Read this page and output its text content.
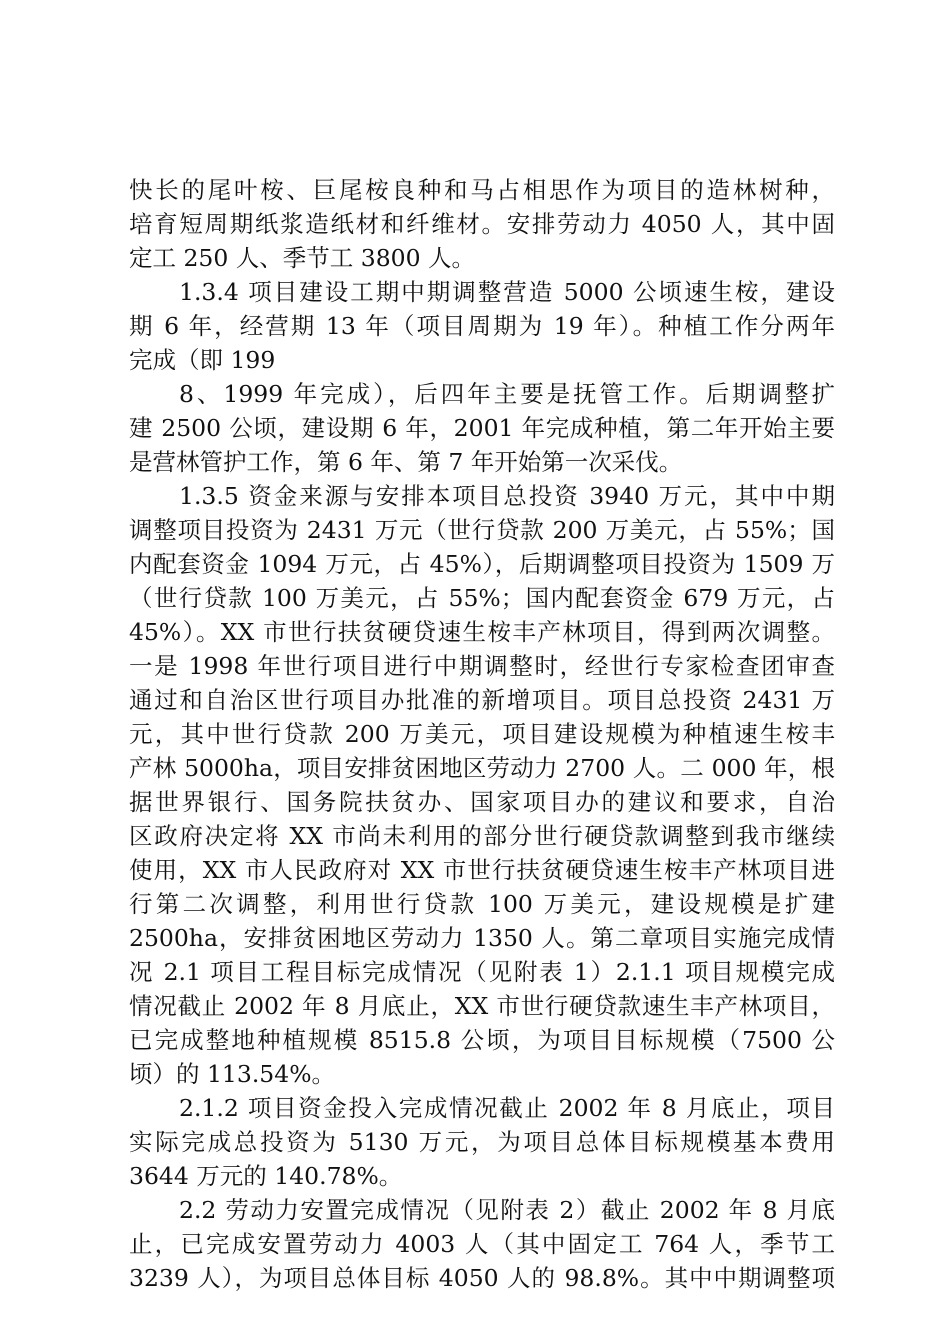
快长的尾叶桉、巨尾桉良种和马占相思作为项目的造林树种，
培育短周期纸浆造纸材和纤维材。安排劳动力 4050 人，其中固
定工 250 人、季节工 3800 人。
1.3.4 项目建设工期中期调整营造 5000 公顷速生桉，建设
期 6 年，经营期 13 年（项目周期为 19 年）。种植工作分两年
完成（即 199
8、1999 年完成），后四年主要是抚管工作。后期调整扩
建 2500 公顷，建设期 6 年，2001 年完成种植，第二年开始主要
是营林管护工作，第 6 年、第 7 年开始第一次采伐。
1.3.5 资金来源与安排本项目总投资 3940 万元，其中中期
调整项目投资为 2431 万元（世行贷款 200 万美元，占 55%；国
内配套资金 1094 万元，占 45%），后期调整项目投资为 1509 万
（世行贷款 100 万美元，占 55%；国内配套资金 679 万元，占
45%）。XX 市世行扶贫硬贷速生桉丰产林项目，得到两次调整。
一是 1998 年世行项目进行中期调整时，经世行专家检查团审查
通过和自治区世行项目办批准的新增项目。项目总投资 2431 万
元，其中世行贷款 200 万美元，项目建设规模为种植速生桉丰
产林 5000ha，项目安排贫困地区劳动力 2700 人。二 000 年，根
据世界银行、国务院扶贫办、国家项目办的建议和要求，自治
区政府决定将 XX 市尚未利用的部分世行硬贷款调整到我市继续
使用，XX 市人民政府对 XX 市世行扶贫硬贷速生桉丰产林项目进
行第二次调整，利用世行贷款 100 万美元，建设规模是扩建
2500ha，安排贫困地区劳动力 1350 人。第二章项目实施完成情
况 2.1 项目工程目标完成情况（见附表 1）2.1.1 项目规模完成
情况截止 2002 年 8 月底止，XX 市世行硬贷款速生丰产林项目，
已完成整地种植规模 8515.8 公顷，为项目目标规模（7500 公
顷）的 113.54%。
2.1.2 项目资金投入完成情况截止 2002 年 8 月底止，项目
实际完成总投资为 5130 万元，为项目总体目标规模基本费用
3644 万元的 140.78%。
2.2 劳动力安置完成情况（见附表 2）截止 2002 年 8 月底
止，已完成安置劳动力 4003 人（其中固定工 764 人，季节工
3239 人），为项目总体目标 4050 人的 98.8%。其中中期调整项
